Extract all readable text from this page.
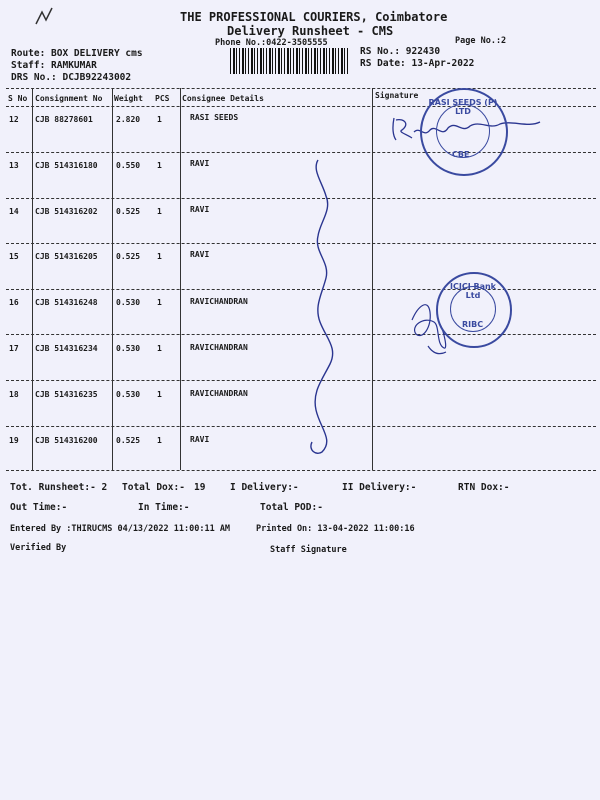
THE PROFESSIONAL COURIERS, Coimbatore
Delivery Runsheet - CMS
Phone No.:0422-3505555	Page No.:2
Route: BOX DELIVERY cms
Staff: RAMKUMAR
DRS No.: DCJB92243002
RS No.: 922430
RS Date: 13-Apr-2022
S No Consignment No Weight PCS Consignee Details	Signature
12 CJB 88278601	2.820 1	RASI SEEDS
13 CJB 514316180 0.550 1	RAVI
14 CJB 514316202 0.525 1	RAVI
15 CJB 514316205 0.525 1	RAVI
16 CJB 514316248 0.530 1	RAVICHANDRAN
17 CJB 514316234 0.530 1	RAVICHANDRAN
18 CJB 514316235 0.530 1	RAVICHANDRAN
19 CJB 514316200 0.525 1	RAVI
RASI SEEDS (P) LTD
CBE
ICICI Bank Ltd
RIBC
Tot. Runsheet:- 2 Total Dox:- 19	I Delivery:-	II Delivery:-	RTN Dox:-
Out Time:-	In Time:-	Total POD:-
Entered By :THIRUCMS 04/13/2022 11:00:11 AM	Printed On: 13-04-2022 11:00:16
Verified By	Staff Signature
